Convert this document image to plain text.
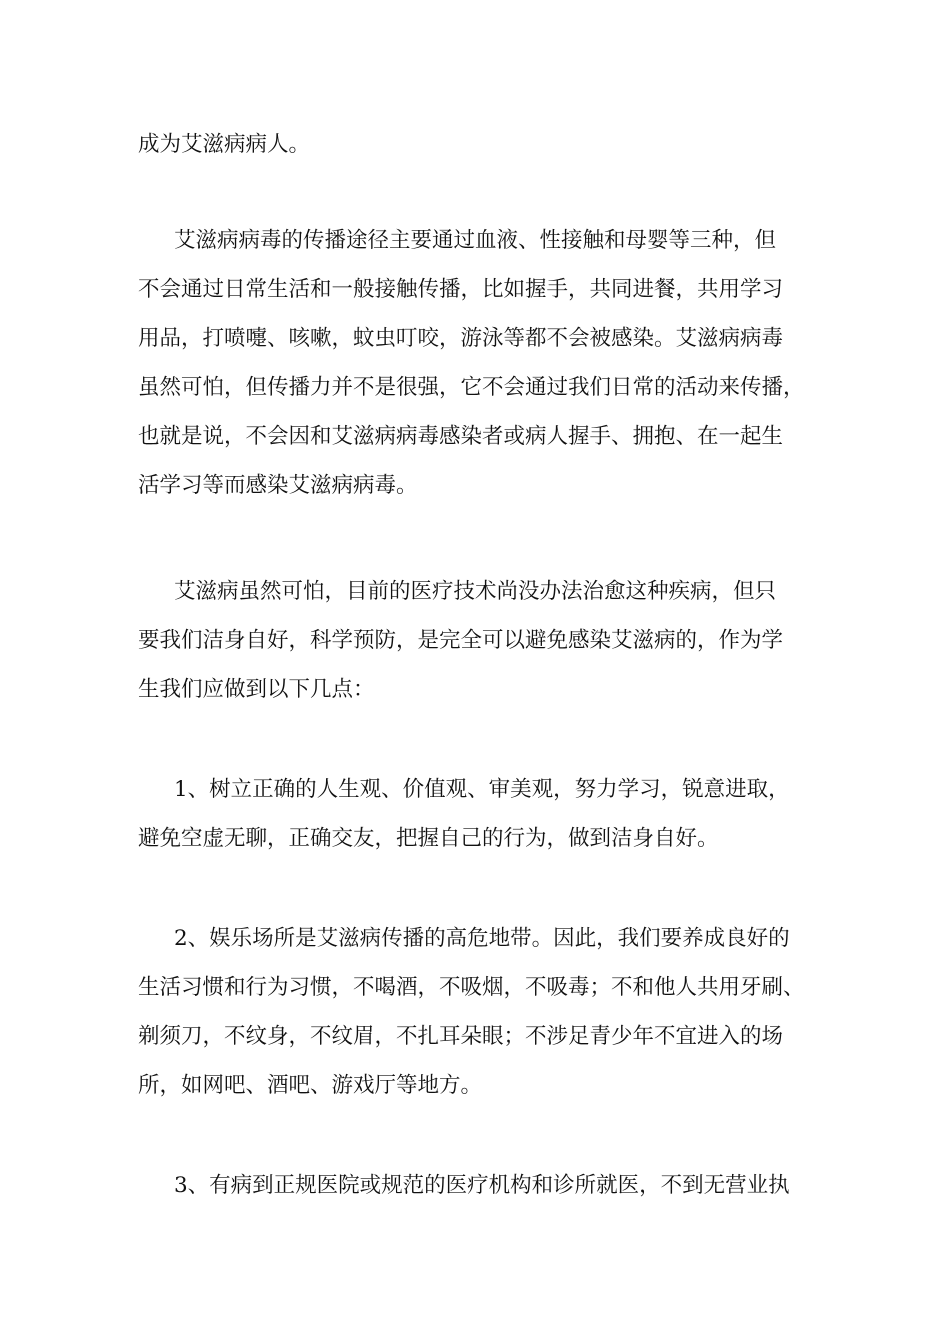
成为艾滋病病人。
艾滋病病毒的传播途径主要通过血液、性接触和母婴等三种，但
不会通过日常生活和一般接触传播，比如握手，共同进餐，共用学习
用品，打喷嚏、咳嗽，蚊虫叮咬，游泳等都不会被感染。艾滋病病毒
虽然可怕，但传播力并不是很强，它不会通过我们日常的活动来传播，
也就是说，不会因和艾滋病病毒感染者或病人握手、拥抱、在一起生
活学习等而感染艾滋病病毒。
艾滋病虽然可怕，目前的医疗技术尚没办法治愈这种疾病，但只
要我们洁身自好，科学预防，是完全可以避免感染艾滋病的，作为学
生我们应做到以下几点：
1、树立正确的人生观、价值观、审美观，努力学习，锐意进取，
避免空虚无聊，正确交友，把握自己的行为，做到洁身自好。
2、娱乐场所是艾滋病传播的高危地带。因此，我们要养成良好的
生活习惯和行为习惯，不喝酒，不吸烟，不吸毒；不和他人共用牙刷、
剃须刀，不纹身，不纹眉，不扎耳朵眼；不涉足青少年不宜进入的场
所，如网吧、酒吧、游戏厅等地方。
3、有病到正规医院或规范的医疗机构和诊所就医，不到无营业执
